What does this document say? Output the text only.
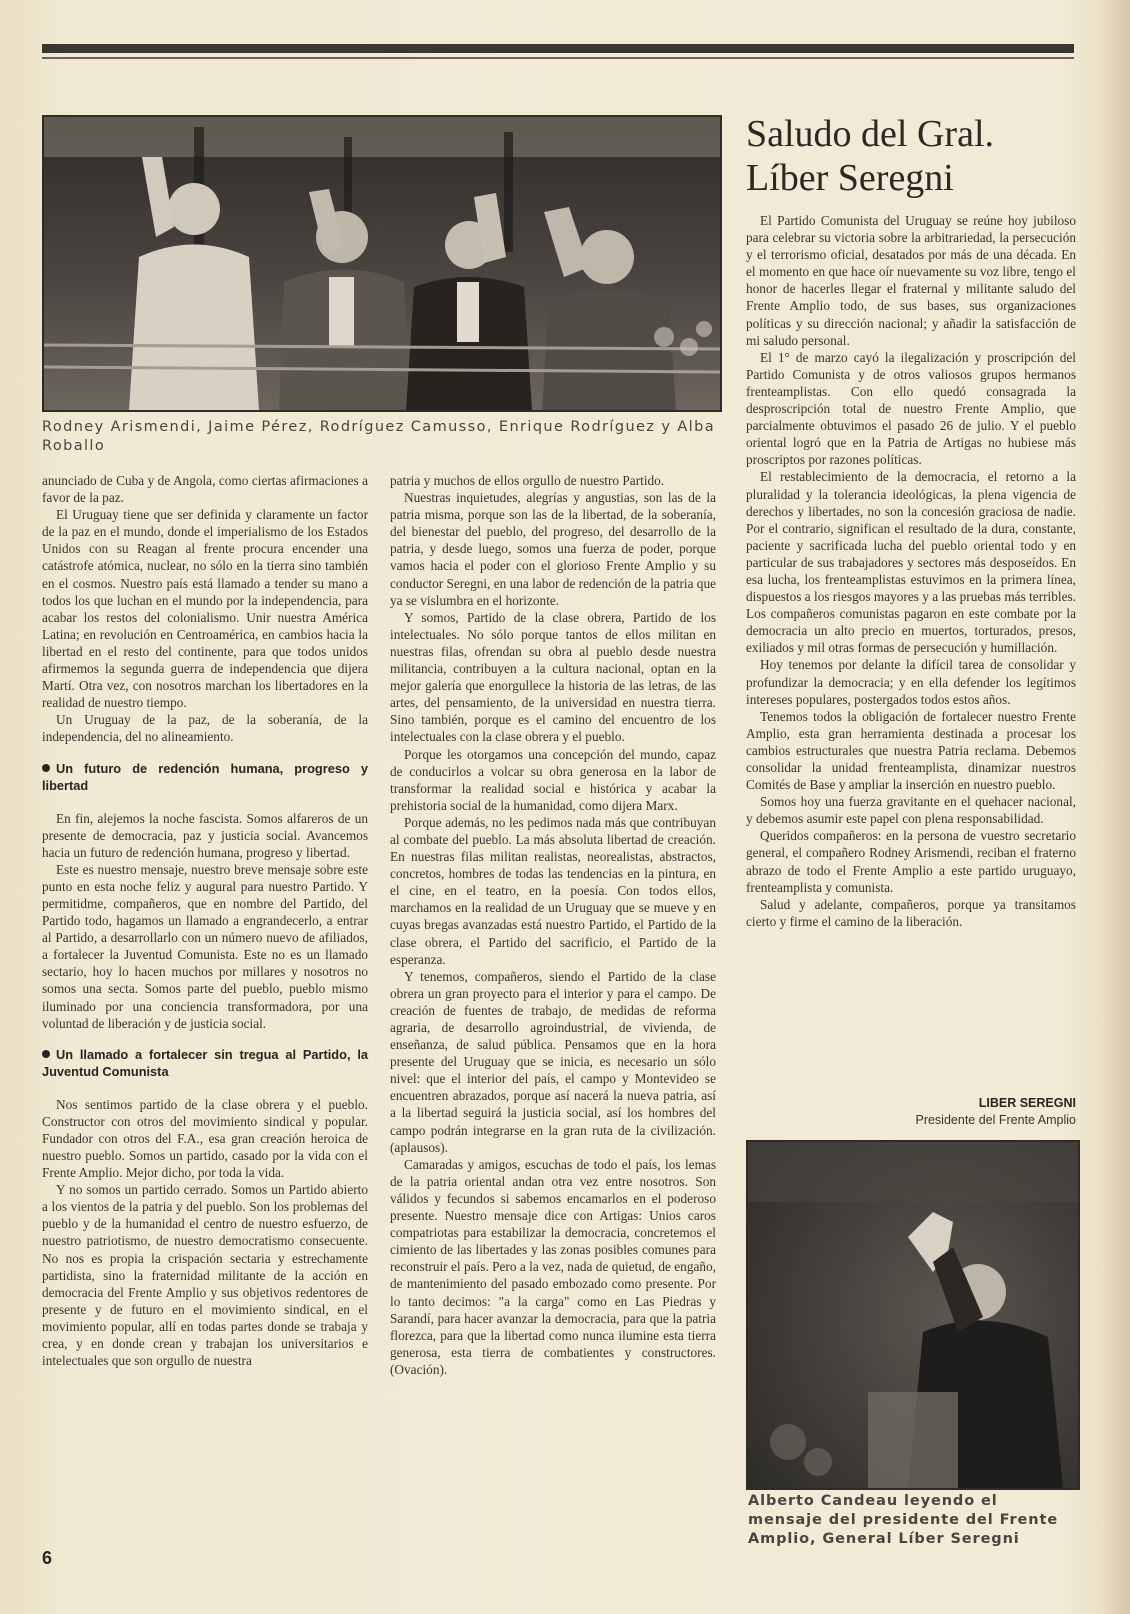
Rodney Arismendi, Jaime Pérez, Rodríguez Camusso, Enrique Rodríguez y Alba Roballo

anunciado de Cuba y de Angola, como ciertas afirmaciones a favor de la paz.

El Uruguay tiene que ser definida y claramente un factor de la paz en el mundo, donde el imperialismo de los Estados Unidos con su Reagan al frente procura encender una catástrofe atómica, nuclear, no sólo en la tierra sino también en el cosmos. Nuestro país está llamado a tender su mano a todos los que luchan en el mundo por la independencia, para acabar los restos del colonialismo. Unir nuestra América Latina; en revolución en Centroamérica, en cambios hacia la libertad en el resto del continente, para que todos unidos afirmemos la segunda guerra de independencia que dijera Martí. Otra vez, con nosotros marchan los libertadores en la realidad de nuestro tiempo.

Un Uruguay de la paz, de la soberanía, de la independencia, del no alineamiento.

Un futuro de redención humana, progreso y libertad

En fin, alejemos la noche fascista. Somos alfareros de un presente de democracia, paz y justicia social. Avancemos hacia un futuro de redención humana, progreso y libertad.

Este es nuestro mensaje, nuestro breve mensaje sobre este punto en esta noche feliz y augural para nuestro Partido. Y permitidme, compañeros, que en nombre del Partido, del Partido todo, hagamos un llamado a engrandecerlo, a entrar al Partido, a desarrollarlo con un número nuevo de afiliados, a fortalecer la Juventud Comunista. Este no es un llamado sectario, hoy lo hacen muchos por millares y nosotros no somos una secta. Somos parte del pueblo, pueblo mismo iluminado por una conciencia transformadora, por una voluntad de liberación y de justicia social.

Un llamado a fortalecer sin tregua al Partido, la Juventud Comunista

Nos sentimos partido de la clase obrera y el pueblo. Constructor con otros del movimiento sindical y popular. Fundador con otros del F.A., esa gran creación heroica de nuestro pueblo. Somos un partido, casado por la vida con el Frente Amplio. Mejor dicho, por toda la vida.

Y no somos un partido cerrado. Somos un Partido abierto a los vientos de la patria y del pueblo. Son los problemas del pueblo y de la humanidad el centro de nuestro esfuerzo, de nuestro patriotismo, de nuestro democratismo consecuente. No nos es propia la crispación sectaria y estrechamente partidista, sino la fraternidad militante de la acción en democracia del Frente Amplio y sus objetivos redentores de presente y de futuro en el movimiento sindical, en el movimiento popular, allí en todas partes donde se trabaja y crea, y en donde crean y trabajan los universitarios e intelectuales que son orgullo de nuestra

patria y muchos de ellos orgullo de nuestro Partido.

Nuestras inquietudes, alegrías y angustias, son las de la patria misma, porque son las de la libertad, de la soberanía, del bienestar del pueblo, del progreso, del desarrollo de la patria, y desde luego, somos una fuerza de poder, porque vamos hacia el poder con el glorioso Frente Amplio y su conductor Seregni, en una labor de redención de la patria que ya se vislumbra en el horizonte.

Y somos, Partido de la clase obrera, Partido de los intelectuales. No sólo porque tantos de ellos militan en nuestras filas, ofrendan su obra al pueblo desde nuestra militancia, contribuyen a la cultura nacional, optan en la mejor galería que enorgullece la historia de las letras, de las artes, del pensamiento, de la universidad en nuestra tierra. Sino también, porque es el camino del encuentro de los intelectuales con la clase obrera y el pueblo.

Porque les otorgamos una concepción del mundo, capaz de conducirlos a volcar su obra generosa en la labor de transformar la realidad social e histórica y acabar la prehistoria social de la humanidad, como dijera Marx.

Porque además, no les pedimos nada más que contribuyan al combate del pueblo. La más absoluta libertad de creación. En nuestras filas militan realistas, neorealistas, abstractos, concretos, hombres de todas las tendencias en la pintura, en el cine, en el teatro, en la poesía. Con todos ellos, marchamos en la realidad de un Uruguay que se mueve y en cuyas bregas avanzadas está nuestro Partido, el Partido de la clase obrera, el Partido del sacrificio, el Partido de la esperanza.

Y tenemos, compañeros, siendo el Partido de la clase obrera un gran proyecto para el interior y para el campo. De creación de fuentes de trabajo, de medidas de reforma agraria, de desarrollo agroindustrial, de vivienda, de enseñanza, de salud pública. Pensamos que en la hora presente del Uruguay que se inicia, es necesario un sólo nivel: que el interior del país, el campo y Montevideo se encuentren abrazados, porque así nacerá la nueva patria, así a la libertad seguirá la justicia social, así los hombres del campo podrán integrarse en la gran ruta de la civilización. (aplausos).

Camaradas y amigos, escuchas de todo el país, los lemas de la patria oriental andan otra vez entre nosotros. Son válidos y fecundos si sabemos encamarlos en el poderoso presente. Nuestro mensaje dice con Artigas: Unios caros compatriotas para estabilizar la democracia, concretemos el cimiento de las libertades y las zonas posibles comunes para reconstruir el país. Pero a la vez, nada de quietud, de engaño, de mantenimiento del pasado embozado como presente. Por lo tanto decimos: "a la carga" como en Las Piedras y Sarandí, para hacer avanzar la democracia, para que la patria florezca, para que la libertad como nunca ilumine esta tierra generosa, esta tierra de combatientes y constructores. (Ovación).

Saludo del Gral. Líber Seregni

El Partido Comunista del Uruguay se reúne hoy jubiloso para celebrar su victoria sobre la arbitrariedad, la persecución y el terrorismo oficial, desatados por más de una década. En el momento en que hace oír nuevamente su voz libre, tengo el honor de hacerles llegar el fraternal y militante saludo del Frente Amplio todo, de sus bases, sus organizaciones políticas y su dirección nacional; y añadir la satisfacción de mi saludo personal.

El 1° de marzo cayó la ilegalización y proscripción del Partido Comunista y de otros valiosos grupos hermanos frenteamplistas. Con ello quedó consagrada la desproscripción total de nuestro Frente Amplio, que parcialmente obtuvimos el pasado 26 de julio. Y el pueblo oriental logró que en la Patria de Artigas no hubiese más proscriptos por razones políticas.

El restablecimiento de la democracia, el retorno a la pluralidad y la tolerancia ideológicas, la plena vigencia de derechos y libertades, no son la concesión graciosa de nadie. Por el contrario, significan el resultado de la dura, constante, paciente y sacrificada lucha del pueblo oriental todo y en particular de sus trabajadores y sectores más desposeídos. En esa lucha, los frenteamplistas estuvimos en la primera línea, dispuestos a los riesgos mayores y a las pruebas más terribles. Los compañeros comunistas pagaron en este combate por la democracia un alto precio en muertos, torturados, presos, exiliados y mil otras formas de persecución y humillación.

Hoy tenemos por delante la difícil tarea de consolidar y profundizar la democracia; y en ella defender los legítimos intereses populares, postergados todos estos años.

Tenemos todos la obligación de fortalecer nuestro Frente Amplio, esta gran herramienta destinada a procesar los cambios estructurales que nuestra Patria reclama. Debemos consolidar la unidad frenteamplista, dinamizar nuestros Comités de Base y ampliar la inserción en nuestro pueblo.

Somos hoy una fuerza gravitante en el quehacer nacional, y debemos asumir este papel con plena responsabilidad.

Queridos compañeros: en la persona de vuestro secretario general, el compañero Rodney Arismendi, reciban el fraterno abrazo de todo el Frente Amplio a este partido uruguayo, frenteamplista y comunista.

Salud y adelante, compañeros, porque ya transitamos cierto y firme el camino de la liberación.

LIBER SEREGNI
Presidente del Frente Amplio
Alberto Candeau leyendo el mensaje del presidente del Frente Amplio, General Líber Seregni
6
